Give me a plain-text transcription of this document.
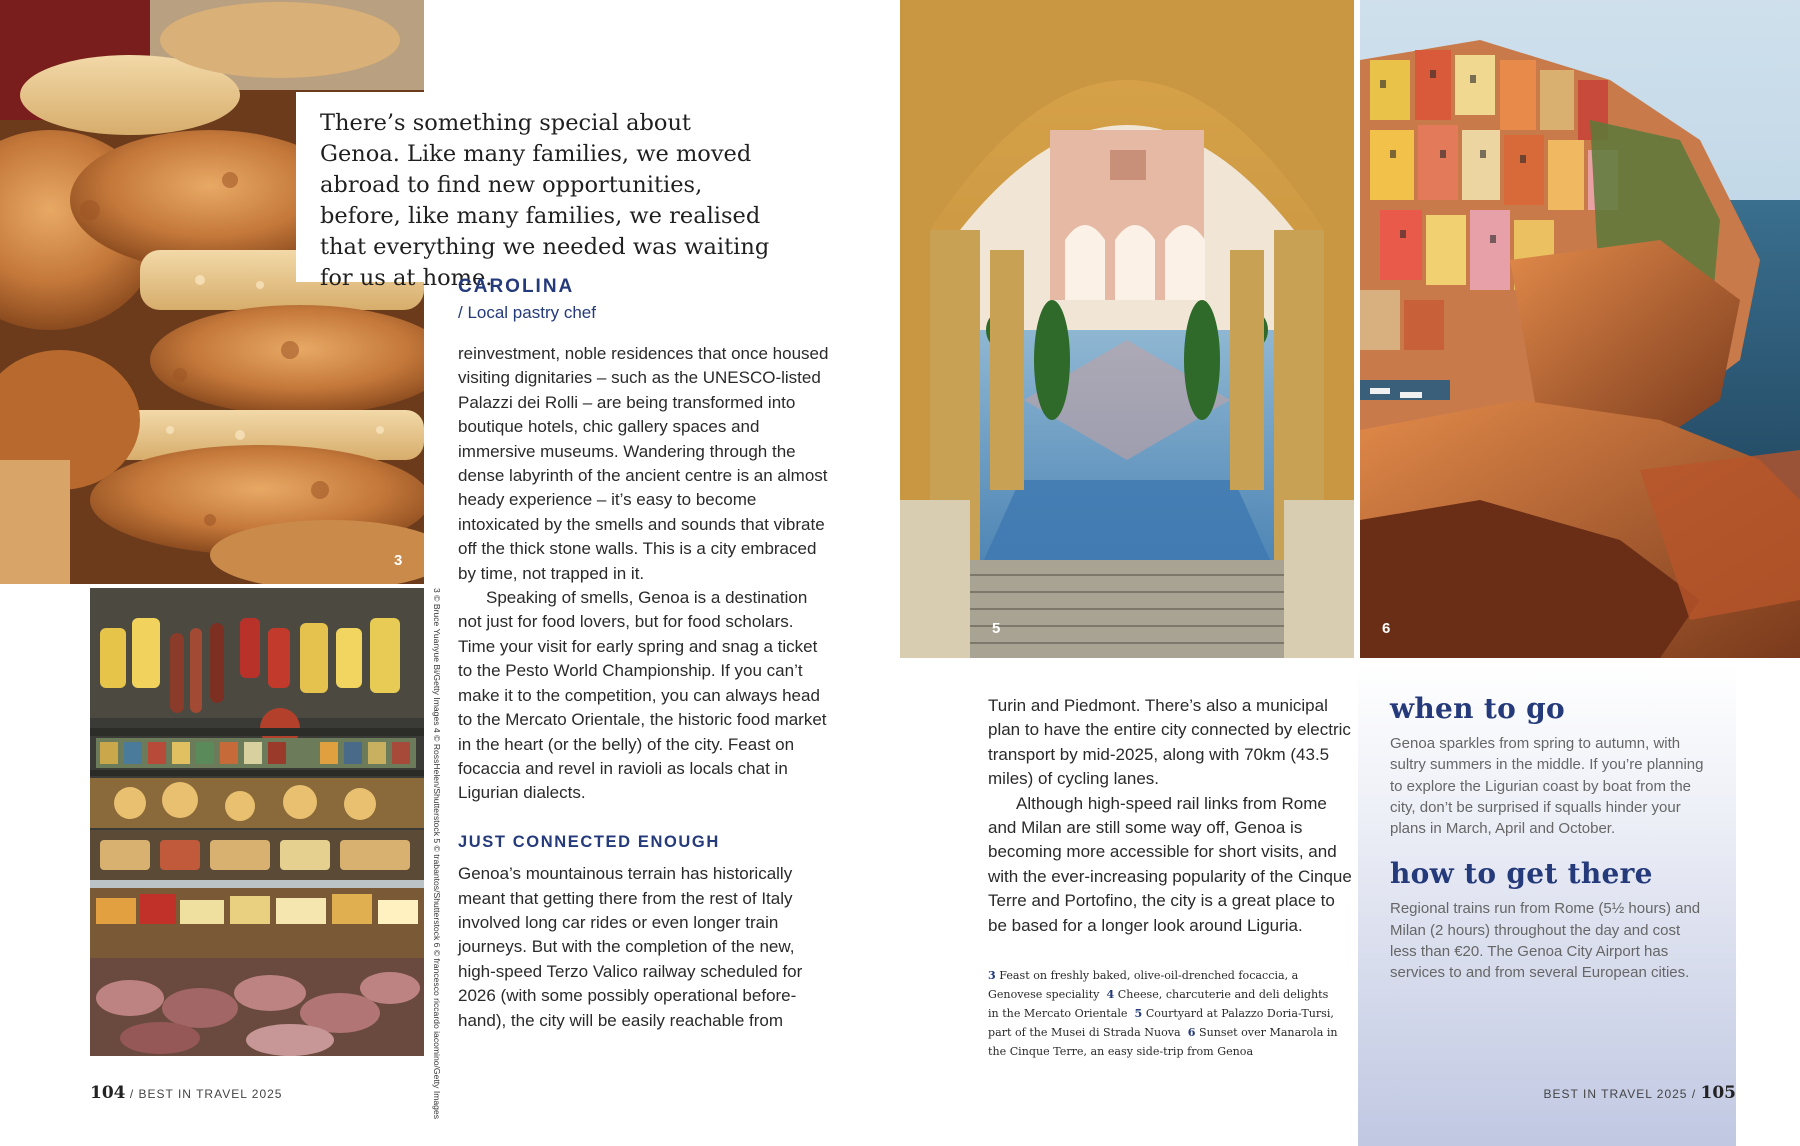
3
There’s something special about Genoa. Like many families, we moved abroad to find new opportunities, before, like many families, we realised that everything we needed was waiting for us at home.
CAROLINA
/ Local pastry chef
3 © Bruce Yuanyue Bi/Getty Images 4 © RossHelen/Shutterstock 5 © trabantos/Shutterstock 6 © francesco riccardo iacomino/Getty Images

reinvestment, noble residences that once housed visiting dignitaries – such as the UNESCO-listed Palazzi dei Rolli – are being transformed into boutique hotels, chic gallery spaces and immersive museums. Wandering through the dense labyrinth of the ancient centre is an almost heady experience – it’s easy to become intoxicated by the smells and sounds that vibrate off the thick stone walls. This is a city embraced by time, not trapped in it.

Speaking of smells, Genoa is a destination not just for food lovers, but for food scholars. Time your visit for early spring and snag a ticket to the Pesto World Championship. If you can’t make it to the competition, you can always head to the Mercato Orientale, the historic food market in the heart (or the belly) of the city. Feast on focaccia and revel in ravioli as locals chat in Ligurian dialects.

JUST CONNECTED ENOUGH

Genoa’s mountainous terrain has historically meant that getting there from the rest of Italy involved long car rides or even longer train journeys. But with the completion of the new, high-speed Terzo Valico railway scheduled for 2026 (with some possibly operational before-hand), the city will be easily reachable from

5	6

Turin and Piedmont. There’s also a municipal plan to have the entire city connected by electric transport by mid-2025, along with 70km (43.5 miles) of cycling lanes.

Although high-speed rail links from Rome and Milan are still some way off, Genoa is becoming more accessible for short visits, and with the ever-increasing popularity of the Cinque Terre and Portofino, the city is a great place to be based for a longer look around Liguria.

3 Feast on freshly baked, olive-oil-drenched focaccia, a Genovese speciality 4 Cheese, charcuterie and deli delights in the Mercato Orientale 5 Courtyard at Palazzo Doria-Tursi, part of the Musei di Strada Nuova 6 Sunset over Manarola in the Cinque Terre, an easy side-trip from Genoa
when to go

Genoa sparkles from spring to autumn, with sultry summers in the middle. If you’re planning to explore the Ligurian coast by boat from the city, don’t be surprised if squalls hinder your plans in March, April and October.

how to get there

Regional trains run from Rome (5½ hours) and Milan (2 hours) throughout the day and cost less than €20. The Genoa City Airport has services to and from several European cities.

104 / BEST IN TRAVEL 2025	BEST IN TRAVEL 2025 / 105
